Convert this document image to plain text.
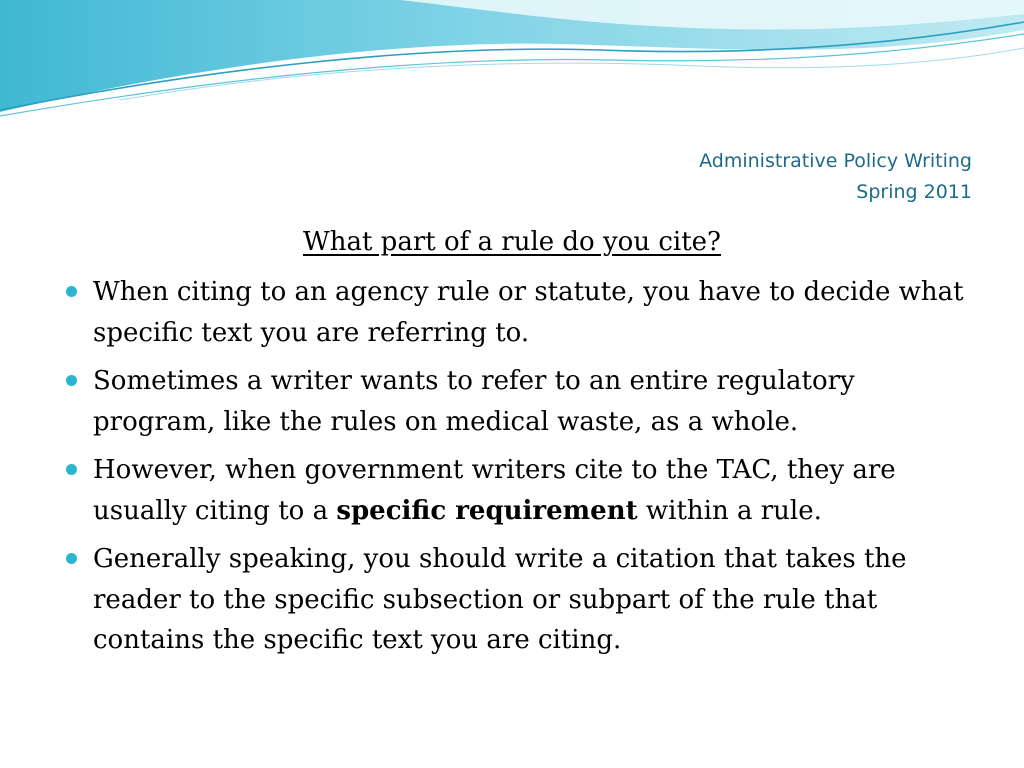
Administrative Policy Writing
Spring 2011

What part of a rule do you cite?

When citing to an agency rule or statute, you have to decide what specific text you are referring to.
Sometimes a writer wants to refer to an entire regulatory program, like the rules on medical waste, as a whole.
However, when government writers cite to the TAC, they are usually citing to a specific requirement within a rule.
Generally speaking, you should write a citation that takes the reader to the specific subsection or subpart of the rule that contains the specific text you are citing.
